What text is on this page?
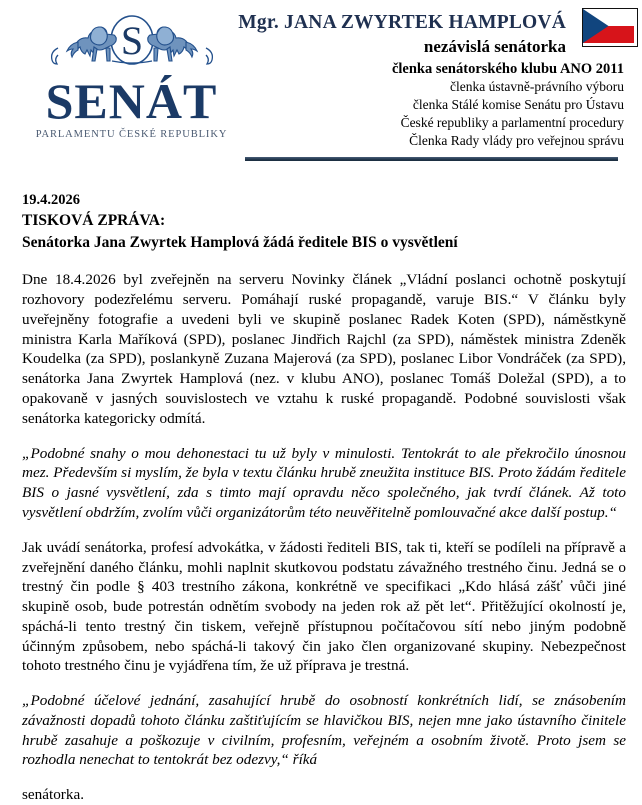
S
SENÁT
PARLAMENTU ČESKÉ REPUBLIKY
Mgr. JANA ZWYRTEK HAMPLOVÁ
nezávislá senátorka
členka senátorského klubu ANO 2011
členka ústavně-právního výboru
členka Stálé komise Senátu pro Ústavu
České republiky a parlamentní procedury
Členka Rady vlády pro veřejnou správu
19.4.2026
TISKOVÁ ZPRÁVA:
Senátorka Jana Zwyrtek Hamplová žádá ředitele BIS o vysvětlení

Dne 18.4.2026 byl zveřejněn na serveru Novinky článek „Vládní poslanci ochotně poskytují rozhovory podezřelému serveru. Pomáhají ruské propagandě, varuje BIS.“ V článku byly uveřejněny fotografie a uvedeni byli ve skupině poslanec Radek Koten (SPD), náměstkyně ministra Karla Maříková (SPD), poslanec Jindřich Rajchl (za SPD), náměstek ministra Zdeněk Koudelka (za SPD), poslankyně Zuzana Majerová (za SPD), poslanec Libor Vondráček (za SPD), senátorka Jana Zwyrtek Hamplová (nez. v klubu ANO), poslanec Tomáš Doležal (SPD), a to opakovaně v jasných souvislostech ve vztahu k ruské propagandě. Podobné souvislosti však senátorka kategoricky odmítá.

„Podobné snahy o mou dehonestaci tu už byly v minulosti. Tentokrát to ale překročilo únosnou mez. Především si myslím, že byla v textu článku hrubě zneužita instituce BIS. Proto žádám ředitele BIS o jasné vysvětlení, zda s timto mají opravdu něco společného, jak tvrdí článek. Až toto vysvětlení obdržím, zvolím vůči organizátorům této neuvěřitelně pomlouvačné akce další postup.“

Jak uvádí senátorka, profesí advokátka, v žádosti řediteli BIS, tak ti, kteří se podíleli na přípravě a zveřejnění daného článku, mohli naplnit skutkovou podstatu závažného trestného činu. Jedná se o trestný čin podle § 403 trestního zákona, konkrétně ve specifikaci „Kdo hlásá zášť vůči jiné skupině osob, bude potrestán odnětím svobody na jeden rok až pět let“. Přitěžující okolností je, spáchá-li tento trestný čin tiskem, veřejně přístupnou počítačovou sítí nebo jiným podobně účinným způsobem, nebo spáchá-li takový čin jako člen organizované skupiny. Nebezpečnost tohoto trestného činu je vyjádřena tím, že už příprava je trestná.

„Podobné účelové jednání, zasahující hrubě do osobností konkrétních lidí, se znásobením závažnosti dopadů tohoto článku zaštiťujícím se hlavičkou BIS, nejen mne jako ústavního činitele hrubě zasahuje a poškozuje v civilním, profesním, veřejném a osobním životě. Proto jsem se rozhodla nenechat to tentokrát bez odezvy,“ říká

senátorka.
